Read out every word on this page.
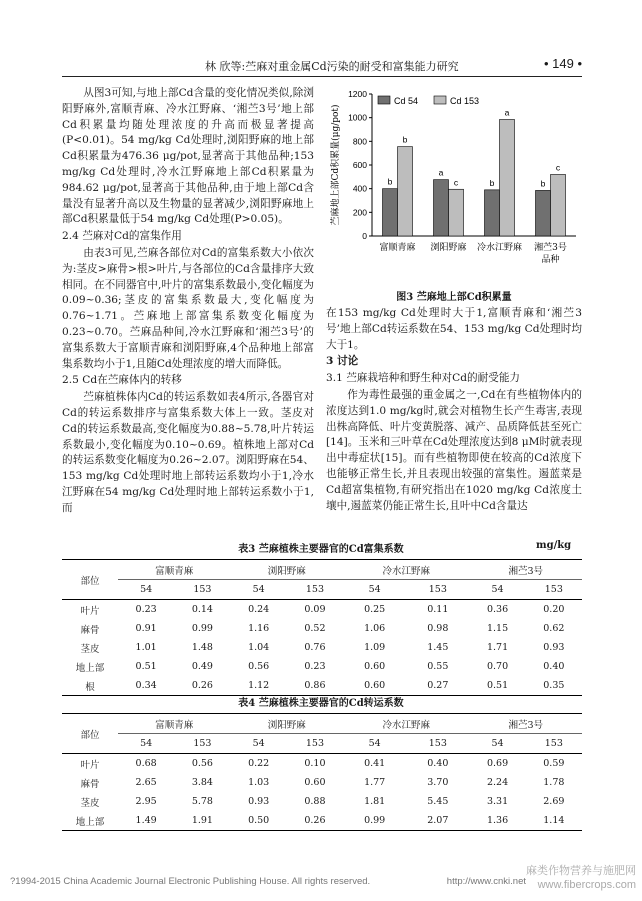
林 欣等:苎麻对重金属Cd污染的耐受和富集能力研究	• 149 •

从图3可知,与地上部Cd含量的变化情况类似,除浏阳野麻外,富顺青麻、冷水江野麻、‘湘苎3号’地上部Cd积累量均随处理浓度的升高而极显著提高(P<0.01)。54 mg/kg Cd处理时,浏阳野麻的地上部Cd积累量为476.36 μg/pot,显著高于其他品种;153 mg/kg Cd处理时,冷水江野麻地上部Cd积累量为984.62 μg/pot,显著高于其他品种,由于地上部Cd含量没有显著升高以及生物量的显著减少,浏阳野麻地上部Cd积累量低于54 mg/kg Cd处理(P>0.05)。

2.4 苎麻对Cd的富集作用

由表3可见,苎麻各部位对Cd的富集系数大小依次为:茎皮>麻骨>根>叶片,与各部位的Cd含量排序大致相同。在不同器官中,叶片的富集系数最小,变化幅度为0.09~0.36;茎皮的富集系数最大,变化幅度为0.76~1.71。苎麻地上部富集系数变化幅度为0.23~0.70。苎麻品种间,冷水江野麻和‘湘苎3号’的富集系数大于富顺青麻和浏阳野麻,4个品种地上部富集系数均小于1,且随Cd处理浓度的增大而降低。

2.5 Cd在苎麻体内的转移

苎麻植株体内Cd的转运系数如表4所示,各器官对Cd的转运系数排序与富集系数大体上一致。茎皮对Cd的转运系数最高,变化幅度为0.88~5.78,叶片转运系数最小,变化幅度为0.10~0.69。植株地上部对Cd的转运系数变化幅度为0.26~2.07。浏阳野麻在54、153 mg/kg Cd处理时地上部转运系数均小于1,冷水江野麻在54 mg/kg Cd处理时地上部转运系数小于1,而

0
200
400
600
800
1000
1200
苎麻地上部Cd积累量(μg/pot)
富顺青麻
b
b
浏阳野麻
a
c
冷水江野麻
b
a
湘苎3号
品种
b
c
Cd 54	Cd 153
图3 苎麻地上部Cd积累量

在153 mg/kg Cd处理时大于1,富顺青麻和‘湘苎3号’地上部Cd转运系数在54、153 mg/kg Cd处理时均大于1。

3 讨论

3.1 苎麻栽培种和野生种对Cd的耐受能力

作为毒性最强的重金属之一,Cd在有些植物体内的浓度达到1.0 mg/kg时,就会对植物生长产生毒害,表现出株高降低、叶片变黄脱落、减产、品质降低甚至死亡[14]。玉米和三叶草在Cd处理浓度达到8 μM时就表现出中毒症状[15]。而有些植物即使在较高的Cd浓度下也能够正常生长,并且表现出较强的富集性。遏蓝菜是Cd超富集植物,有研究指出在1020 mg/kg Cd浓度土壤中,遏蓝菜仍能正常生长,且叶中Cd含量达

表3 苎麻植株主要器官的Cd富集系数	mg/kg
部位	富顺青麻		浏阳野麻		冷水江野麻		湘苎3号	
	54	153	54	153	54	153	54	153
叶片	0.23	0.14	0.24	0.09	0.25	0.11	0.36	0.20
麻骨	0.91	0.99	1.16	0.52	1.06	0.98	1.15	0.62
茎皮	1.01	1.48	1.04	0.76	1.09	1.45	1.71	0.93
地上部	0.51	0.49	0.56	0.23	0.60	0.55	0.70	0.40
根	0.34	0.26	1.12	0.86	0.60	0.27	0.51	0.35
表4 苎麻植株主要器官的Cd转运系数
部位	富顺青麻		浏阳野麻		冷水江野麻		湘苎3号	
	54	153	54	153	54	153	54	153
叶片	0.68	0.56	0.22	0.10	0.41	0.40	0.69	0.59
麻骨	2.65	3.84	1.03	0.60	1.77	3.70	2.24	1.78
茎皮	2.95	5.78	0.93	0.88	1.81	5.45	3.31	2.69
地上部	1.49	1.91	0.50	0.26	0.99	2.07	1.36	1.14
?1994-2015 China Academic Journal Electronic Publishing House. All rights reserved.	http://www.cnki.net
麻类作物营养与施肥网
www.fibercrops.com
